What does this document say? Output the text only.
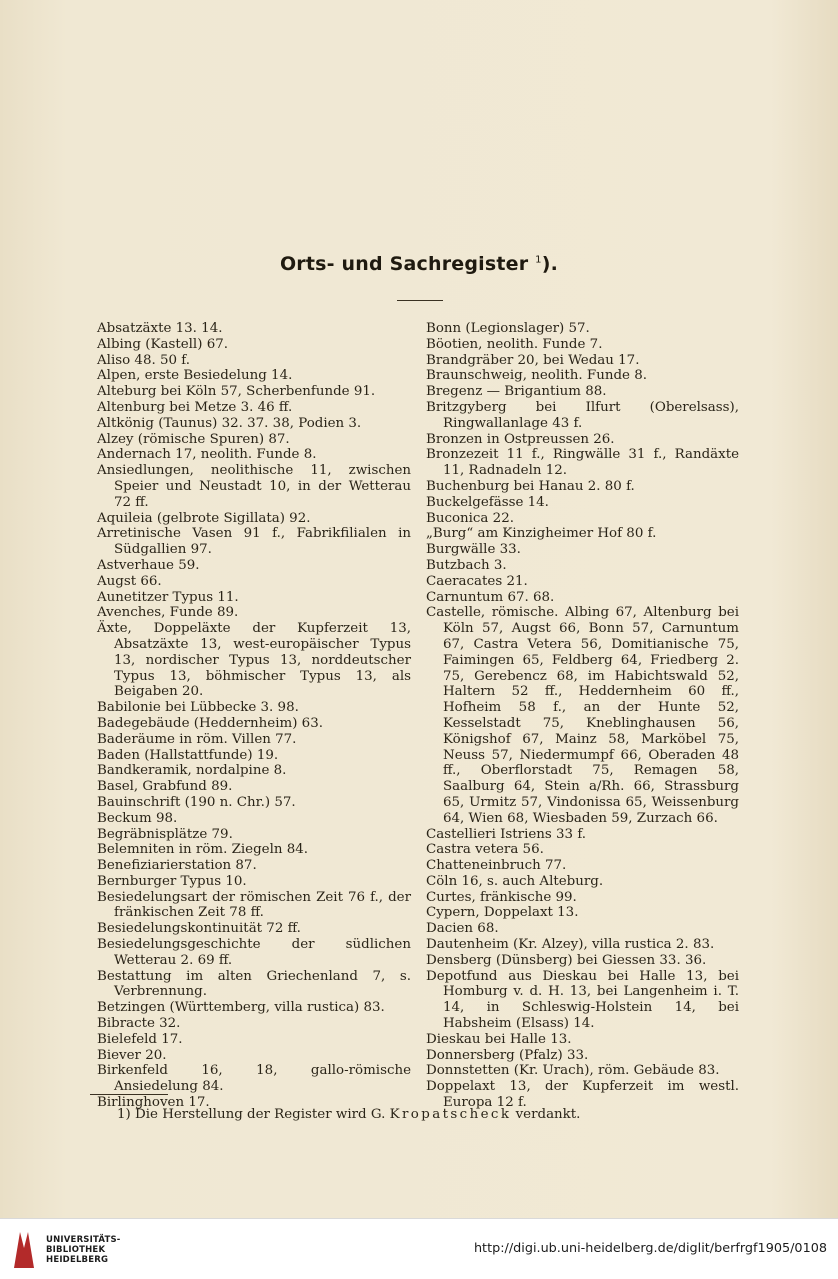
Orts- und Sachregister $^1$).
Absatzäxte 13. 14.
Albing (Kastell) 67.
Aliso 48. 50 f.
Alpen, erste Besiedelung 14.
Alteburg bei Köln 57, Scherbenfunde 91.
Altenburg bei Metze 3. 46 ff.
Altkönig (Taunus) 32. 37. 38, Podien 3.
Alzey (römische Spuren) 87.
Andernach 17, neolith. Funde 8.
Ansiedlungen, neolithische 11, zwischen Speier und Neustadt 10, in der Wetterau 72 ff.
Aquileia (gelbrote Sigillata) 92.
Arretinische Vasen 91 f., Fabrikfilialen in Südgallien 97.
Astverhaue 59.
Augst 66.
Aunetitzer Typus 11.
Avenches, Funde 89.
Äxte, Doppeläxte der Kupferzeit 13, Absatzäxte 13, west-europäischer Typus 13, nordischer Typus 13, norddeutscher Typus 13, böhmischer Typus 13, als Beigaben 20.
Babilonie bei Lübbecke 3. 98.
Badegebäude (Heddernheim) 63.
Baderäume in röm. Villen 77.
Baden (Hallstattfunde) 19.
Bandkeramik, nordalpine 8.
Basel, Grabfund 89.
Bauinschrift (190 n. Chr.) 57.
Beckum 98.
Begräbnisplätze 79.
Belemniten in röm. Ziegeln 84.
Benefiziarierstation 87.
Bernburger Typus 10.
Besiedelungsart der römischen Zeit 76 f., der fränkischen Zeit 78 ff.
Besiedelungskontinuität 72 ff.
Besiedelungsgeschichte der südlichen Wetterau 2. 69 ff.
Bestattung im alten Griechenland 7, s. Verbrennung.
Betzingen (Württemberg, villa rustica) 83.
Bibracte 32.
Bielefeld 17.
Biever 20.
Birkenfeld 16, 18, gallo-römische Ansiedelung 84.
Birlinghoven 17.
Bonn (Legionslager) 57.
Böotien, neolith. Funde 7.
Brandgräber 20, bei Wedau 17.
Braunschweig, neolith. Funde 8.
Bregenz — Brigantium 88.
Britzgyberg bei Ilfurt (Oberelsass), Ringwallanlage 43 f.
Bronzen in Ostpreussen 26.
Bronzezeit 11 f., Ringwälle 31 f., Randäxte 11, Radnadeln 12.
Buchenburg bei Hanau 2. 80 f.
Buckelgefässe 14.
Buconica 22.
„Burg“ am Kinzigheimer Hof 80 f.
Burgwälle 33.
Butzbach 3.
Caeracates 21.
Carnuntum 67. 68.
Castelle, römische. Albing 67, Altenburg bei Köln 57, Augst 66, Bonn 57, Carnuntum 67, Castra Vetera 56, Domitianische 75, Faimingen 65, Feldberg 64, Friedberg 2. 75, Gerebencz 68, im Habichtswald 52, Haltern 52 ff., Heddernheim 60 ff., Hofheim 58 f., an der Hunte 52, Kesselstadt 75, Kneblinghausen 56, Königshof 67, Mainz 58, Marköbel 75, Neuss 57, Niedermumpf 66, Oberaden 48 ff., Oberflorstadt 75, Remagen 58, Saalburg 64, Stein a/Rh. 66, Strassburg 65, Urmitz 57, Vindonissa 65, Weissenburg 64, Wien 68, Wiesbaden 59, Zurzach 66.
Castellieri Istriens 33 f.
Castra vetera 56.
Chatteneinbruch 77.
Cöln 16, s. auch Alteburg.
Curtes, fränkische 99.
Cypern, Doppelaxt 13.
Dacien 68.
Dautenheim (Kr. Alzey), villa rustica 2. 83.
Densberg (Dünsberg) bei Giessen 33. 36.
Depotfund aus Dieskau bei Halle 13, bei Homburg v. d. H. 13, bei Langenheim i. T. 14, in Schleswig-Holstein 14, bei Habsheim (Elsass) 14.
Dieskau bei Halle 13.
Donnersberg (Pfalz) 33.
Donnstetten (Kr. Urach), röm. Gebäude 83.
Doppelaxt 13, der Kupferzeit im westl. Europa 12 f.
1) Die Herstellung der Register wird G. Kropatscheck verdankt.
UNIVERSITÄTS-
BIBLIOTHEK
HEIDELBERG
http://digi.ub.uni-heidelberg.de/diglit/berfrgf1905/0108
